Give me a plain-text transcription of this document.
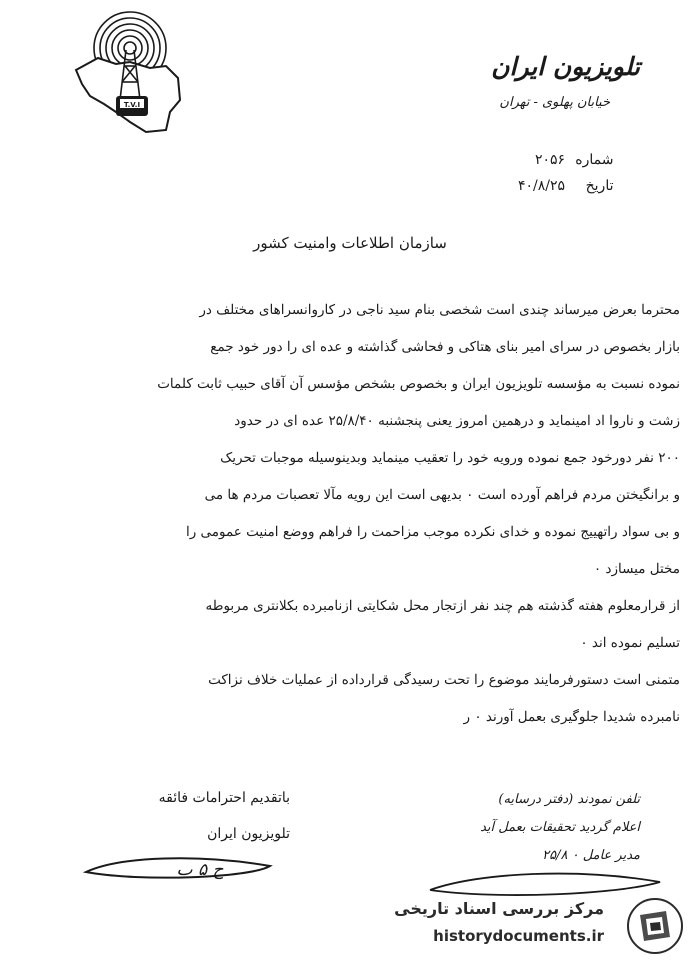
T.V.I
تلویزیون ایران
خیابان پهلوی - تهران
شماره ۲۰۵۶
تاریخ ۴۰/۸/۲۵
سازمان اطلاعات وامنیت کشور
محترما بعرض میرساند چندی است شخصی بنام سید ناجی در کاروانسراهای مختلف در
بازار بخصوص در سرای امیر بنای هتاکی و فحاشی گذاشته و عده ای را دور خود جمع
نموده نسبت به مؤسسه تلویزیون ایران و بخصوص بشخص مؤسس آن آقای حبیب ثابت کلمات
زشت و ناروا اد امینماید و درهمین امروز یعنی پنجشنبه ۲۵/۸/۴۰ عده ای در حدود
۲۰۰ نفر دورخود جمع نموده ورویه خود را تعقیب مینماید وبدینوسیله موجبات تحریک
و برانگیختن مردم فراهم آورده است ۰ بدیهی است این رویه مآلا تعصبات مردم ها می
و بی سواد راتهییج نموده و خدای نکرده موجب مزاحمت را فراهم ووضع امنیت عمومی را
مختل میسازد ۰
از قرارمعلوم هفته گذشته هم چند نفر ازتجار محل شکایتی ازنامبرده بکلانتری مربوطه
تسلیم نموده اند ۰
متمنی است دستورفرمایند موضوع را تحت رسیدگی قرارداده از عملیات خلاف نزاکت
نامبرده شدیدا جلوگیری بعمل آورند ۰ ر
باتقدیم احترامات فائقه
تلویزیون ایران
ح ۵ ب
تلفن نمودند (دفتر درسایه)
اعلام گردید تحقیقات بعمل آید
مدیر عامل ۰ ۲۵/۸
مرکز بررسی اسناد تاریخی
historydocuments.ir
